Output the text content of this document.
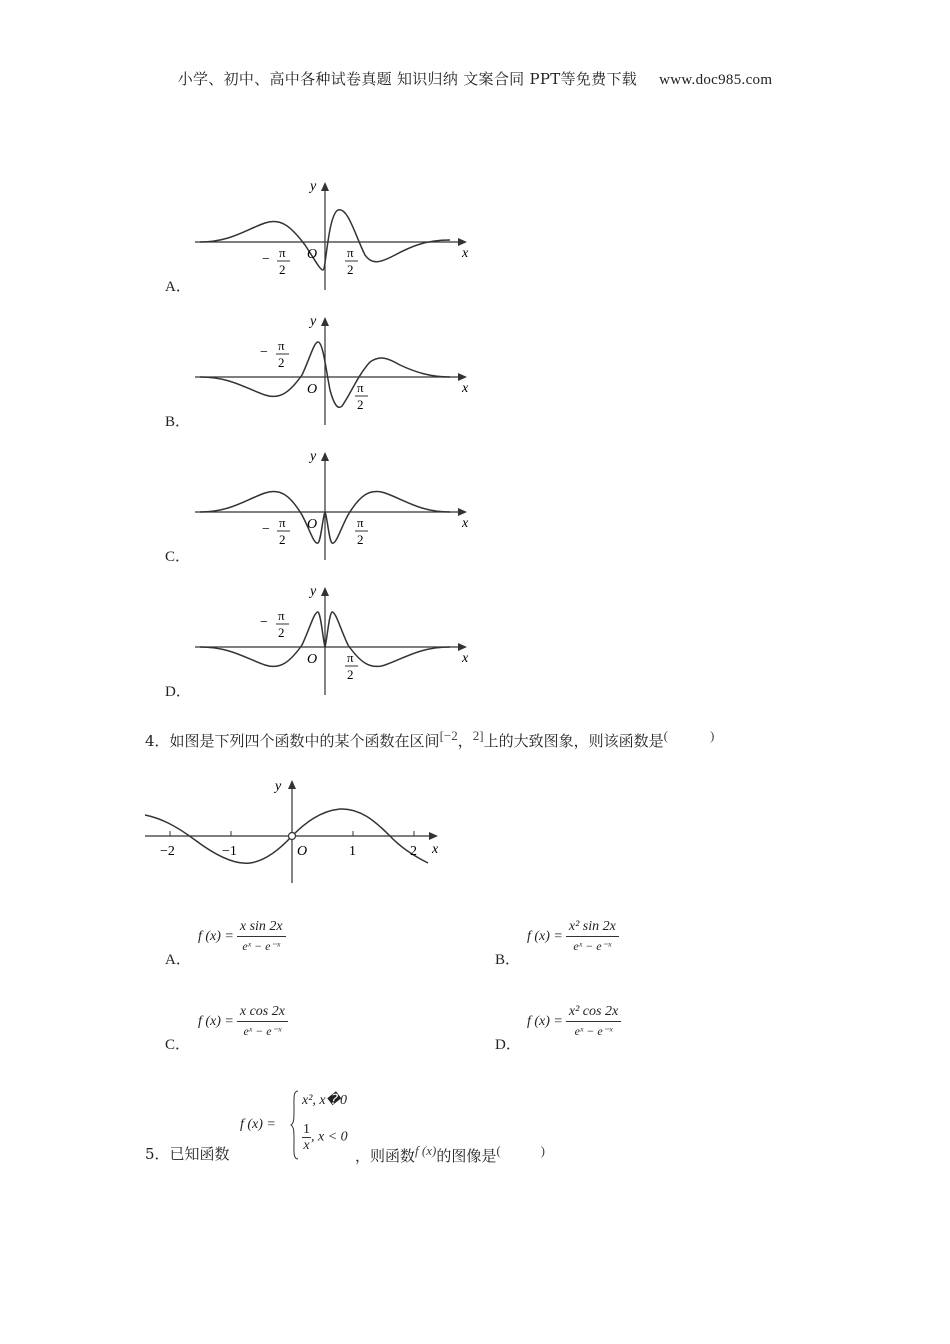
小学、初中、高中各种试卷真题 知识归纳 文案合同 PPT等免费下载 www.doc985.com
A．
y
x
O
− π
2
π
2
B．
y
x
O
− π
2
π
2
C．
y
x
O
− π
2
π
2
D．
y
x
O
− π
2
π
2
4．如图是下列四个函数中的某个函数在区间[−2，2]上的大致图象，则该函数是(	)
y
x
O
−2	−1	1	2
A．
f $(x) = \frac{\text{x sin 2x}}{\text{eˣ − e⁻ˣ}}$
B．
f $(x) = \frac{\text{x² sin 2x}}{\text{eˣ − e⁻ˣ}}$
C．
f $(x) = \frac{\text{x cos 2x}}{\text{eˣ − e⁻ˣ}}$
D．
f $(x) = \frac{\text{x² cos 2x}}{\text{eˣ − e⁻ˣ}}$
5．已知函数
f (x) =
x², x�0
$\frac{1}{x}$ , x < 0
，则函数f (x)的图像是(	)
